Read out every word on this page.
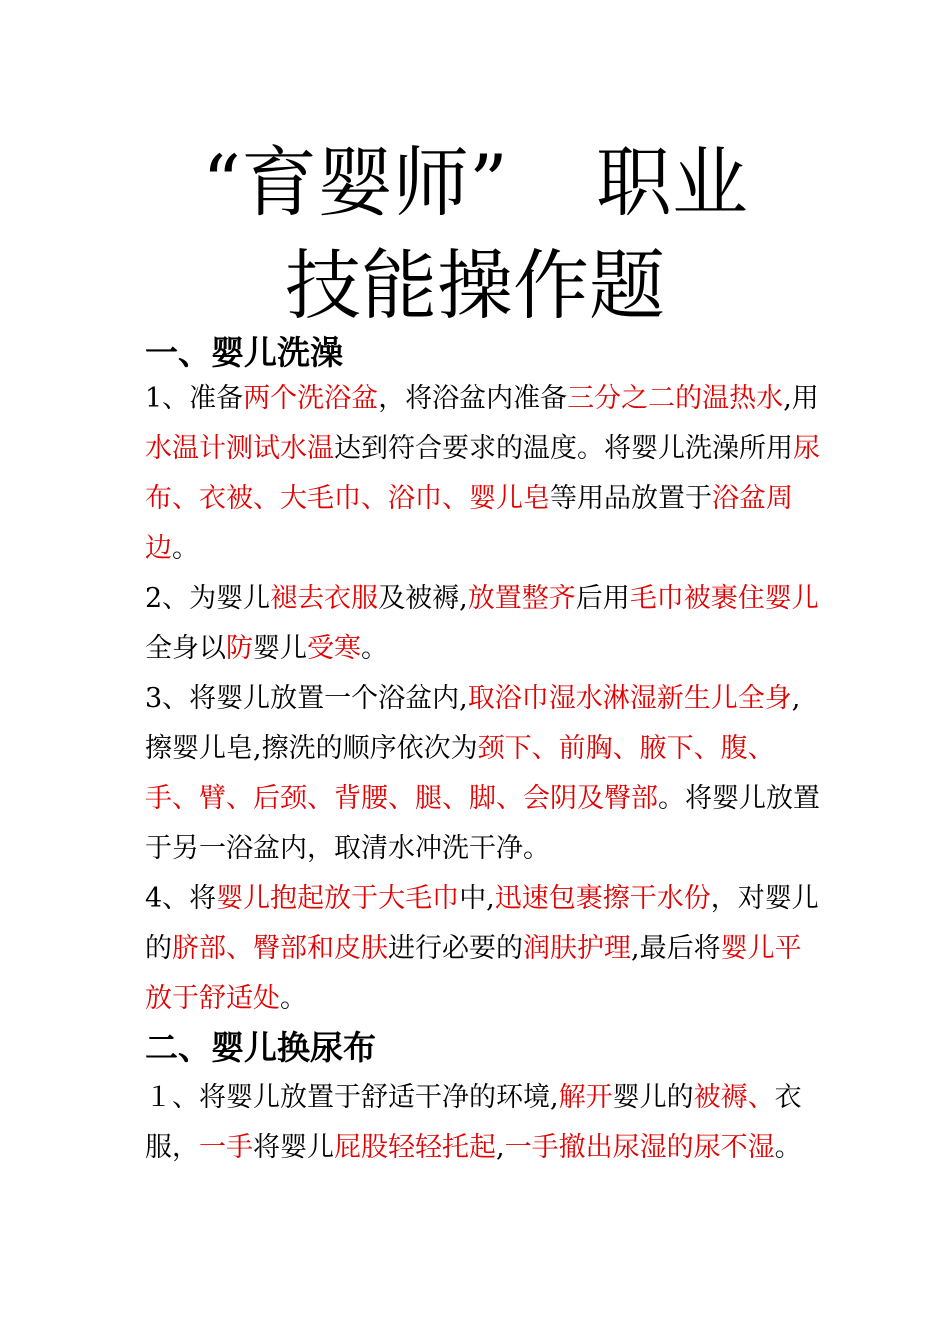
“育婴师” 职业
技能操作题
一、婴儿洗澡

1、准备两个洗浴盆，将浴盆内准备三分之二的温热水,用水温计测试水温达到符合要求的温度。将婴儿洗澡所用尿布、衣被、大毛巾、浴巾、婴儿皂等用品放置于浴盆周边。

2、为婴儿褪去衣服及被褥,放置整齐后用毛巾被裹住婴儿全身以防婴儿受寒。

3、将婴儿放置一个浴盆内,取浴巾湿水淋湿新生儿全身,擦婴儿皂,擦洗的顺序依次为颈下、前胸、腋下、腹、手、臂、后颈、背腰、腿、脚、会阴及臀部。将婴儿放置于另一浴盆内，取清水冲洗干净。

4、将婴儿抱起放于大毛巾中,迅速包裹擦干水份，对婴儿的脐部、臀部和皮肤进行必要的润肤护理,最后将婴儿平放于舒适处。

二、婴儿换尿布

１、将婴儿放置于舒适干净的环境,解开婴儿的被褥、衣服，一手将婴儿屁股轻轻托起,一手撤出尿湿的尿不湿。
